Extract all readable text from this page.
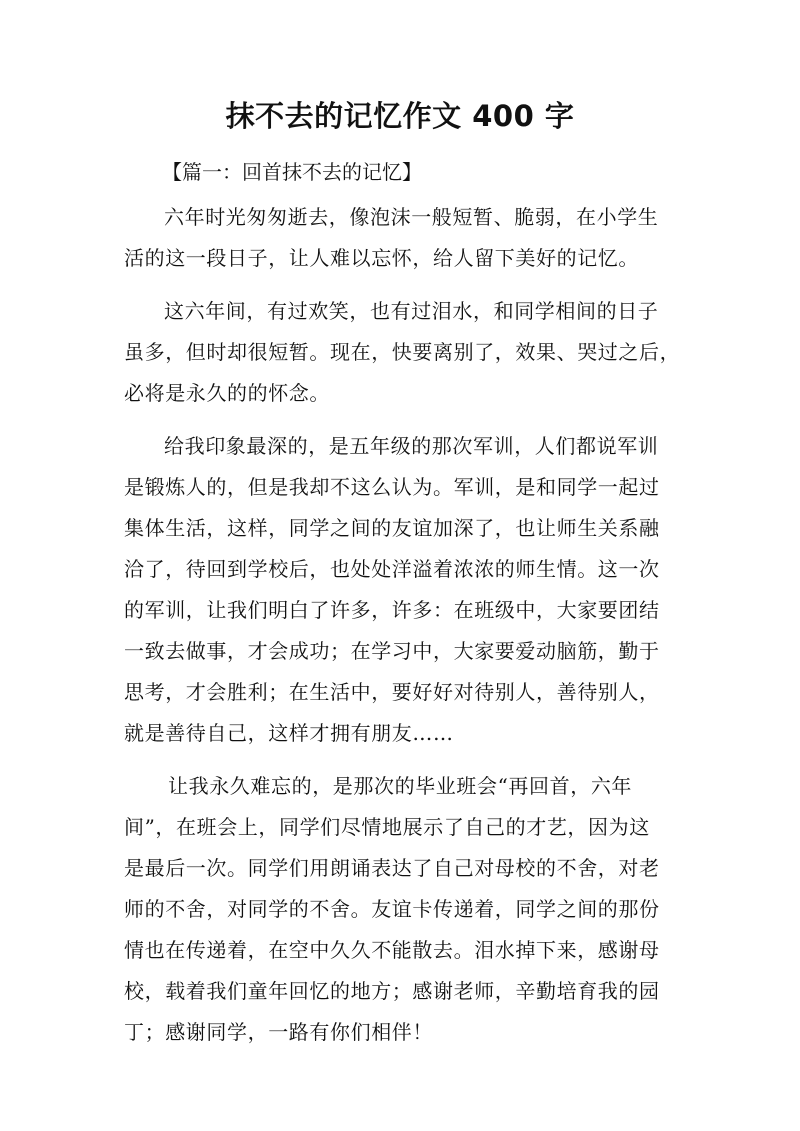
抹不去的记忆作文 400 字
【篇一：回首抹不去的记忆】

六年时光匆匆逝去，像泡沫一般短暂、脆弱，在小学生
活的这一段日子，让人难以忘怀，给人留下美好的记忆。

这六年间，有过欢笑，也有过泪水，和同学相间的日子
虽多，但时却很短暂。现在，快要离别了，效果、哭过之后，
必将是永久的的怀念。

给我印象最深的，是五年级的那次军训，人们都说军训
是锻炼人的，但是我却不这么认为。军训，是和同学一起过
集体生活，这样，同学之间的友谊加深了，也让师生关系融
洽了，待回到学校后，也处处洋溢着浓浓的师生情。这一次
的军训，让我们明白了许多，许多：在班级中，大家要团结
一致去做事，才会成功；在学习中，大家要爱动脑筋，勤于
思考，才会胜利；在生活中，要好好对待别人，善待别人，
就是善待自己，这样才拥有朋友……

让我永久难忘的，是那次的毕业班会“再回首，六年
间”，在班会上，同学们尽情地展示了自己的才艺，因为这
是最后一次。同学们用朗诵表达了自己对母校的不舍，对老
师的不舍，对同学的不舍。友谊卡传递着，同学之间的那份
情也在传递着，在空中久久不能散去。泪水掉下来，感谢母
校，载着我们童年回忆的地方；感谢老师，辛勤培育我的园
丁；感谢同学，一路有你们相伴！
